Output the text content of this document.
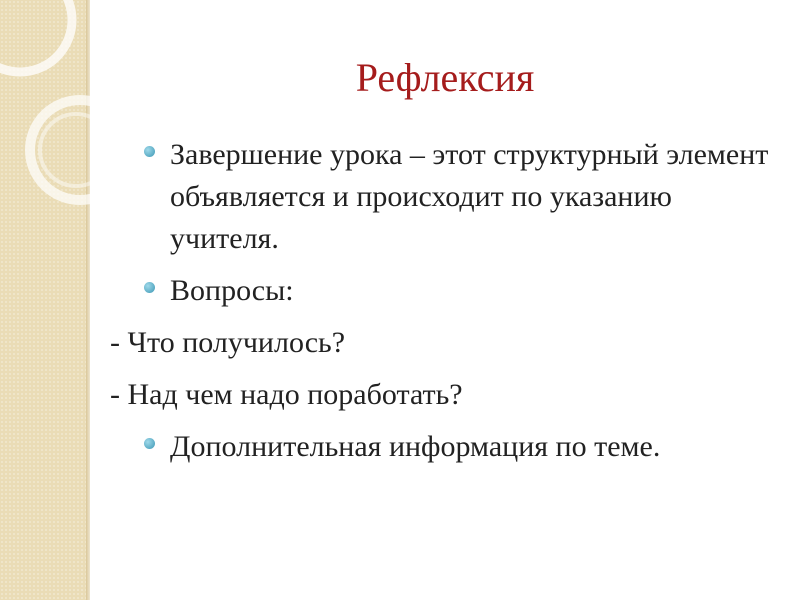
Рефлексия
Завершение урока – этот структурный элемент объявляется и происходит по указанию учителя.
Вопросы:
- Что получилось?
- Над чем надо поработать?
Дополнительная информация по теме.
